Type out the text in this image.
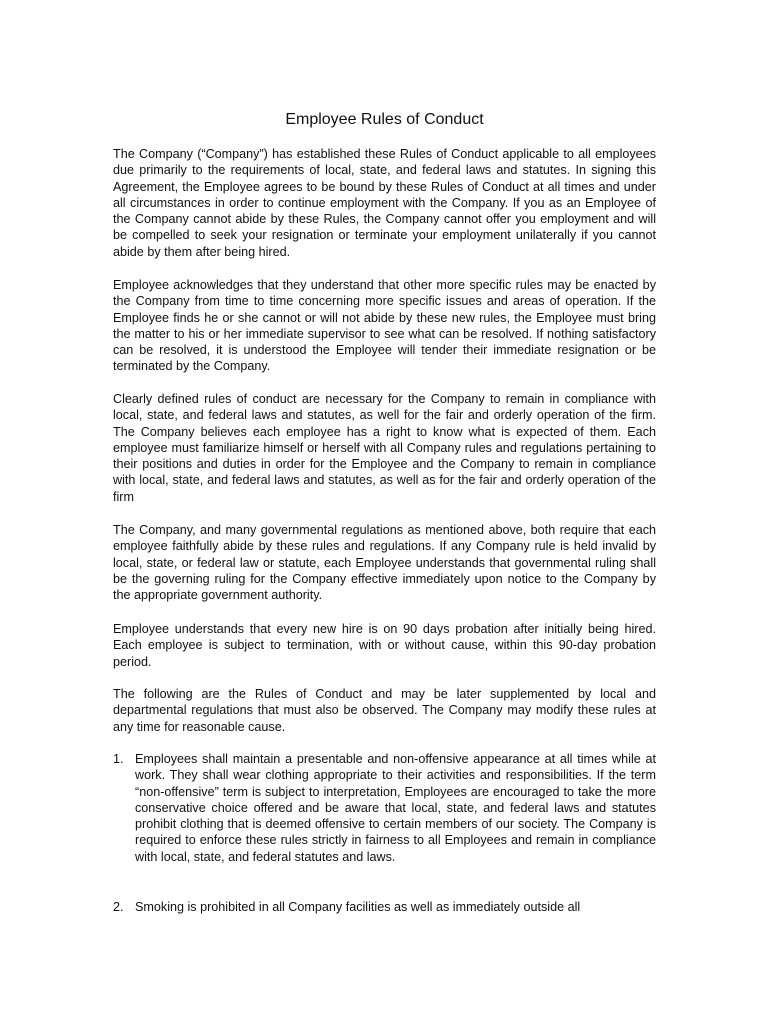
Employee Rules of Conduct

The Company (“Company”) has established these Rules of Conduct applicable to all employees due primarily to the requirements of local, state, and federal laws and statutes. In signing this Agreement, the Employee agrees to be bound by these Rules of Conduct at all times and under all circumstances in order to continue employment with the Company. If you as an Employee of the Company cannot abide by these Rules, the Company cannot offer you employment and will be compelled to seek your resignation or terminate your employment unilaterally if you cannot abide by them after being hired.

Employee acknowledges that they understand that other more specific rules may be enacted by the Company from time to time concerning more specific issues and areas of operation. If the Employee finds he or she cannot or will not abide by these new rules, the Employee must bring the matter to his or her immediate supervisor to see what can be resolved. If nothing satisfactory can be resolved, it is understood the Employee will tender their immediate resignation or be terminated by the Company.

Clearly defined rules of conduct are necessary for the Company to remain in compliance with local, state, and federal laws and statutes, as well for the fair and orderly operation of the firm. The Company believes each employee has a right to know what is expected of them. Each employee must familiarize himself or herself with all Company rules and regulations pertaining to their positions and duties in order for the Employee and the Company to remain in compliance with local, state, and federal laws and statutes, as well as for the fair and orderly operation of the firm

The Company, and many governmental regulations as mentioned above, both require that each employee faithfully abide by these rules and regulations. If any Company rule is held invalid by local, state, or federal law or statute, each Employee understands that governmental ruling shall be the governing ruling for the Company effective immediately upon notice to the Company by the appropriate government authority.

Employee understands that every new hire is on 90 days probation after initially being hired. Each employee is subject to termination, with or without cause, within this 90-day probation period.

The following are the Rules of Conduct and may be later supplemented by local and departmental regulations that must also be observed. The Company may modify these rules at any time for reasonable cause.

1. Employees shall maintain a presentable and non-offensive appearance at all times while at work. They shall wear clothing appropriate to their activities and responsibilities. If the term “non-offensive” term is subject to interpretation, Employees are encouraged to take the more conservative choice offered and be aware that local, state, and federal laws and statutes prohibit clothing that is deemed offensive to certain members of our society. The Company is required to enforce these rules strictly in fairness to all Employees and remain in compliance with local, state, and federal statutes and laws.

2. Smoking is prohibited in all Company facilities as well as immediately outside all
